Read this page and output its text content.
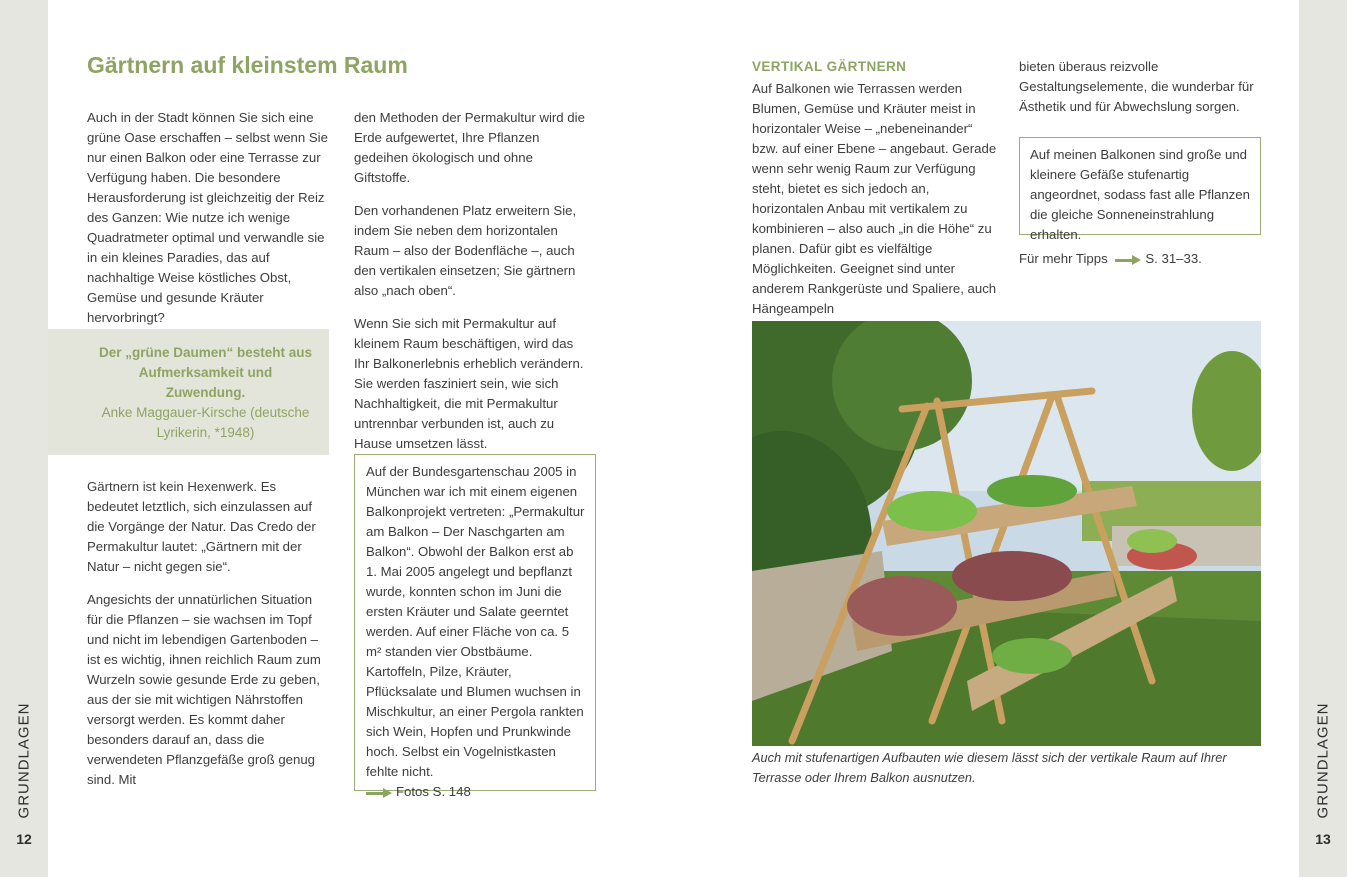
GRUNDLAGEN
12
GRUNDLAGEN
13
Gärtnern auf kleinstem Raum

Auch in der Stadt können Sie sich eine grüne Oase erschaffen – selbst wenn Sie nur einen Balkon oder eine Terrasse zur Verfügung haben. Die besondere Herausforderung ist gleichzeitig der Reiz des Ganzen: Wie nutze ich wenige Quadratmeter optimal und verwandle sie in ein kleines Paradies, das auf nachhaltige Weise köstliches Obst, Gemüse und gesunde Kräuter hervorbringt?

Der „grüne Daumen“ besteht aus Aufmerksamkeit und Zuwendung.
Anke Maggauer-Kirsche (deutsche Lyrikerin, *1948)

Gärtnern ist kein Hexenwerk. Es bedeutet letztlich, sich einzulassen auf die Vorgänge der Natur. Das Credo der Permakultur lautet: „Gärtnern mit der Natur – nicht gegen sie“.

Angesichts der unnatürlichen Situation für die Pflanzen – sie wachsen im Topf und nicht im lebendigen Gartenboden – ist es wichtig, ihnen reichlich Raum zum Wurzeln sowie gesunde Erde zu geben, aus der sie mit wichtigen Nährstoffen versorgt werden. Es kommt daher besonders darauf an, dass die verwendeten Pflanzgefäße groß genug sind. Mit

den Methoden der Permakultur wird die Erde aufgewertet, Ihre Pflanzen gedeihen ökologisch und ohne Giftstoffe.

Den vorhandenen Platz erweitern Sie, indem Sie neben dem horizontalen Raum – also der Bodenfläche –, auch den vertikalen einsetzen; Sie gärtnern also „nach oben“.

Wenn Sie sich mit Permakultur auf kleinem Raum beschäftigen, wird das Ihr Balkonerlebnis erheblich verändern. Sie werden fasziniert sein, wie sich Nachhaltigkeit, die mit Permakultur untrennbar verbunden ist, auch zu Hause umsetzen lässt.

Auf der Bundesgartenschau 2005 in München war ich mit einem eigenen Balkonprojekt vertreten: „Permakultur am Balkon – Der Naschgarten am Balkon“. Obwohl der Balkon erst ab 1. Mai 2005 angelegt und bepflanzt wurde, konnten schon im Juni die ersten Kräuter und Salate geerntet werden. Auf einer Fläche von ca. 5 m² standen vier Obstbäume. Kartoffeln, Pilze, Kräuter, Pflücksalate und Blumen wuchsen in Mischkultur, an einer Pergola rankten sich Wein, Hopfen und Prunkwinde hoch. Selbst ein Vogelnistkasten fehlte nicht.
Fotos S. 148
VERTIKAL GÄRTNERN
Auf Balkonen wie Terrassen werden Blumen, Gemüse und Kräuter meist in horizontaler Weise – „nebeneinander“ bzw. auf einer Ebene – angebaut. Gerade wenn sehr wenig Raum zur Verfügung steht, bietet es sich jedoch an, horizontalen Anbau mit vertikalem zu kombinieren – also auch „in die Höhe“ zu planen. Dafür gibt es vielfältige Möglichkeiten. Geeignet sind unter anderem Rankgerüste und Spaliere, auch Hängeampeln
bieten überaus reizvolle Gestaltungselemente, die wunderbar für Ästhetik und für Abwechslung sorgen.
Auf meinen Balkonen sind große und kleinere Gefäße stufenartig angeordnet, sodass fast alle Pflanzen die gleiche Sonneneinstrahlung erhalten.
Für mehr Tipps	S. 31–33.
Auch mit stufenartigen Aufbauten wie diesem lässt sich der vertikale Raum auf Ihrer Terrasse oder Ihrem Balkon ausnutzen.
